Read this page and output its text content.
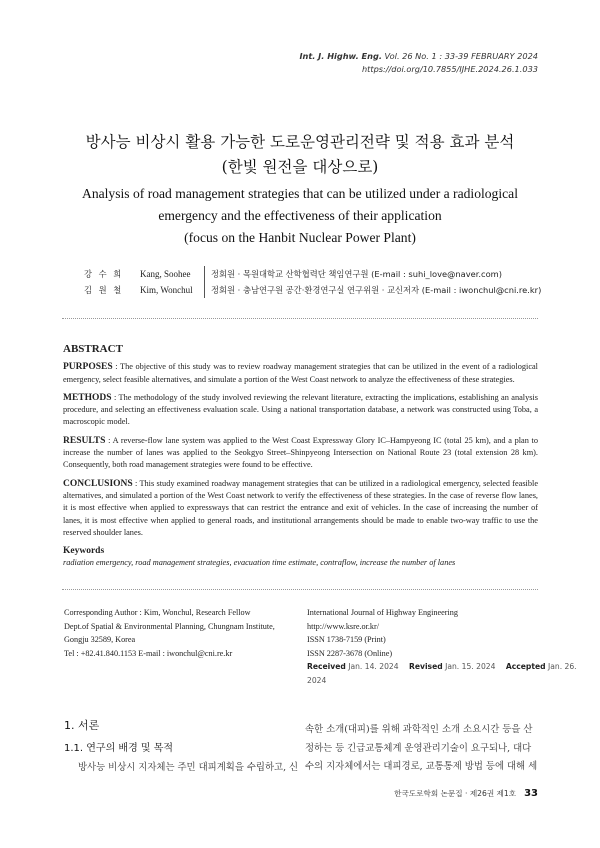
Int. J. Highw. Eng. Vol. 26 No. 1 : 33-39 FEBRUARY 2024
https://doi.org/10.7855/IJHE.2024.26.1.033
방사능 비상시 활용 가능한 도로운영관리전략 및 적용 효과 분석
(한빛 원전을 대상으로)
Analysis of road management strategies that can be utilized under a radiological
emergency and the effectiveness of their application
(focus on the Hanbit Nuclear Power Plant)
강 수 희	Kang, Soohee	정회원 · 목원대학교 산학협력단 책임연구원 (E-mail : suhi_love@naver.com)
김 원 철	Kim, Wonchul	정회원 · 충남연구원 공간·환경연구실 연구위원 · 교신저자 (E-mail : iwonchul@cni.re.kr)
ABSTRACT

PURPOSES : The objective of this study was to review roadway management strategies that can be utilized in the event of a radiological emergency, select feasible alternatives, and simulate a portion of the West Coast network to analyze the effectiveness of these strategies.

METHODS : The methodology of the study involved reviewing the relevant literature, extracting the implications, establishing an analysis procedure, and selecting an effectiveness evaluation scale. Using a national transportation database, a network was constructed using Toba, a macroscopic model.

RESULTS : A reverse-flow lane system was applied to the West Coast Expressway Glory IC–Hampyeong IC (total 25 km), and a plan to increase the number of lanes was applied to the Seokgyo Street–Shinpyeong Intersection on National Route 23 (total extension 28 km). Consequently, both road management strategies were found to be effective.

CONCLUSIONS : This study examined roadway management strategies that can be utilized in a radiological emergency, selected feasible alternatives, and simulated a portion of the West Coast network to verify the effectiveness of these strategies. In the case of reverse flow lanes, it is most effective when applied to expressways that can restrict the entrance and exit of vehicles. In the case of increasing the number of lanes, it is most effective when applied to general roads, and institutional arrangements should be made to enable two-way traffic to use the reserved shoulder lanes.

Keywords

radiation emergency, road management strategies, evacuation time estimate, contraflow, increase the number of lanes

Corresponding Author : Kim, Wonchul, Research Fellow
Dept.of Spatial & Environmental Planning, Chungnam Institute,
Gongju 32589, Korea
Tel : +82.41.840.1153 E-mail : iwonchul@cni.re.kr
International Journal of Highway Engineering
http://www.ksre.or.kr/
ISSN 1738-7159 (Print)
ISSN 2287-3678 (Online)
Received Jan. 14. 2024 Revised Jan. 15. 2024 Accepted Jan. 26. 2024
1. 서론
1.1. 연구의 배경 및 목적
방사능 비상시 지자체는 주민 대피계획을 수립하고, 신
속한 소개(대피)를 위해 과학적인 소개 소요시간 등을 산
정하는 등 긴급교통체계 운영관리기술이 요구되나, 대다
수의 지자체에서는 대피경로, 교통통제 방법 등에 대해 세
한국도로학회 논문집 · 제26권 제1호 33
